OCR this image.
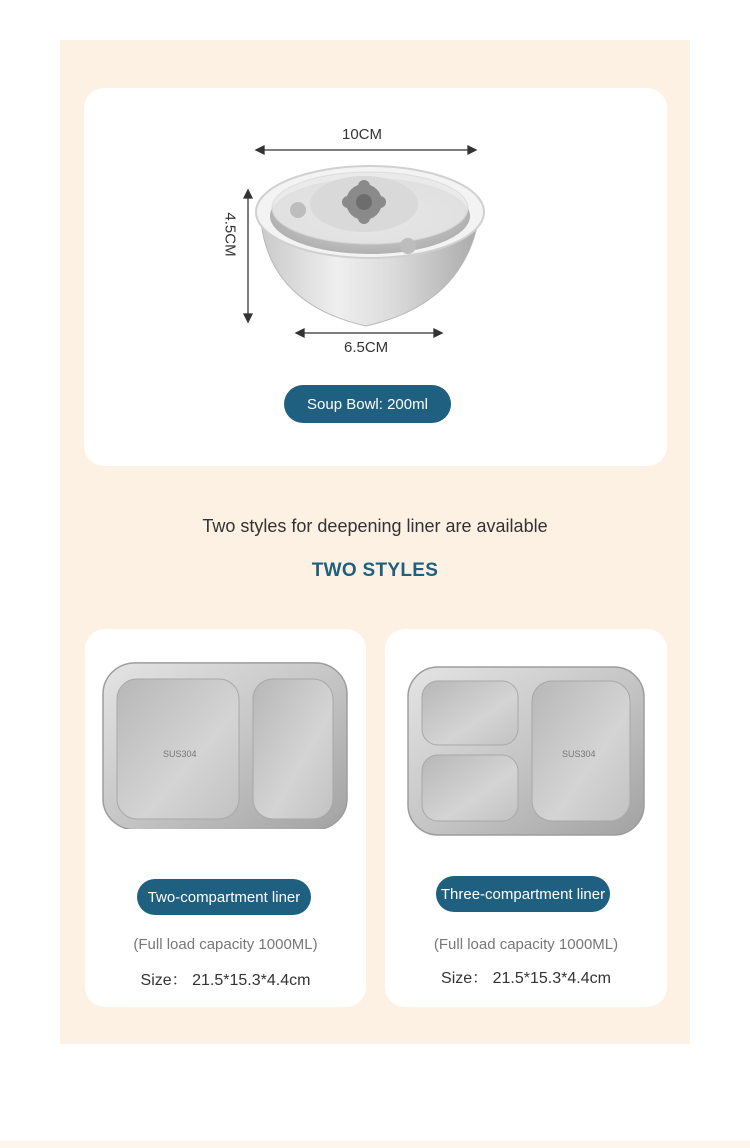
10CM
4.5CM
6.5CM
Soup Bowl: 200ml
Two styles for deepening liner are available
TWO STYLES
SUS304
Two-compartment liner
(Full load capacity 1000ML)
Size： 21.5*15.3*4.4cm
SUS304
Three-compartment liner
(Full load capacity 1000ML)
Size： 21.5*15.3*4.4cm
